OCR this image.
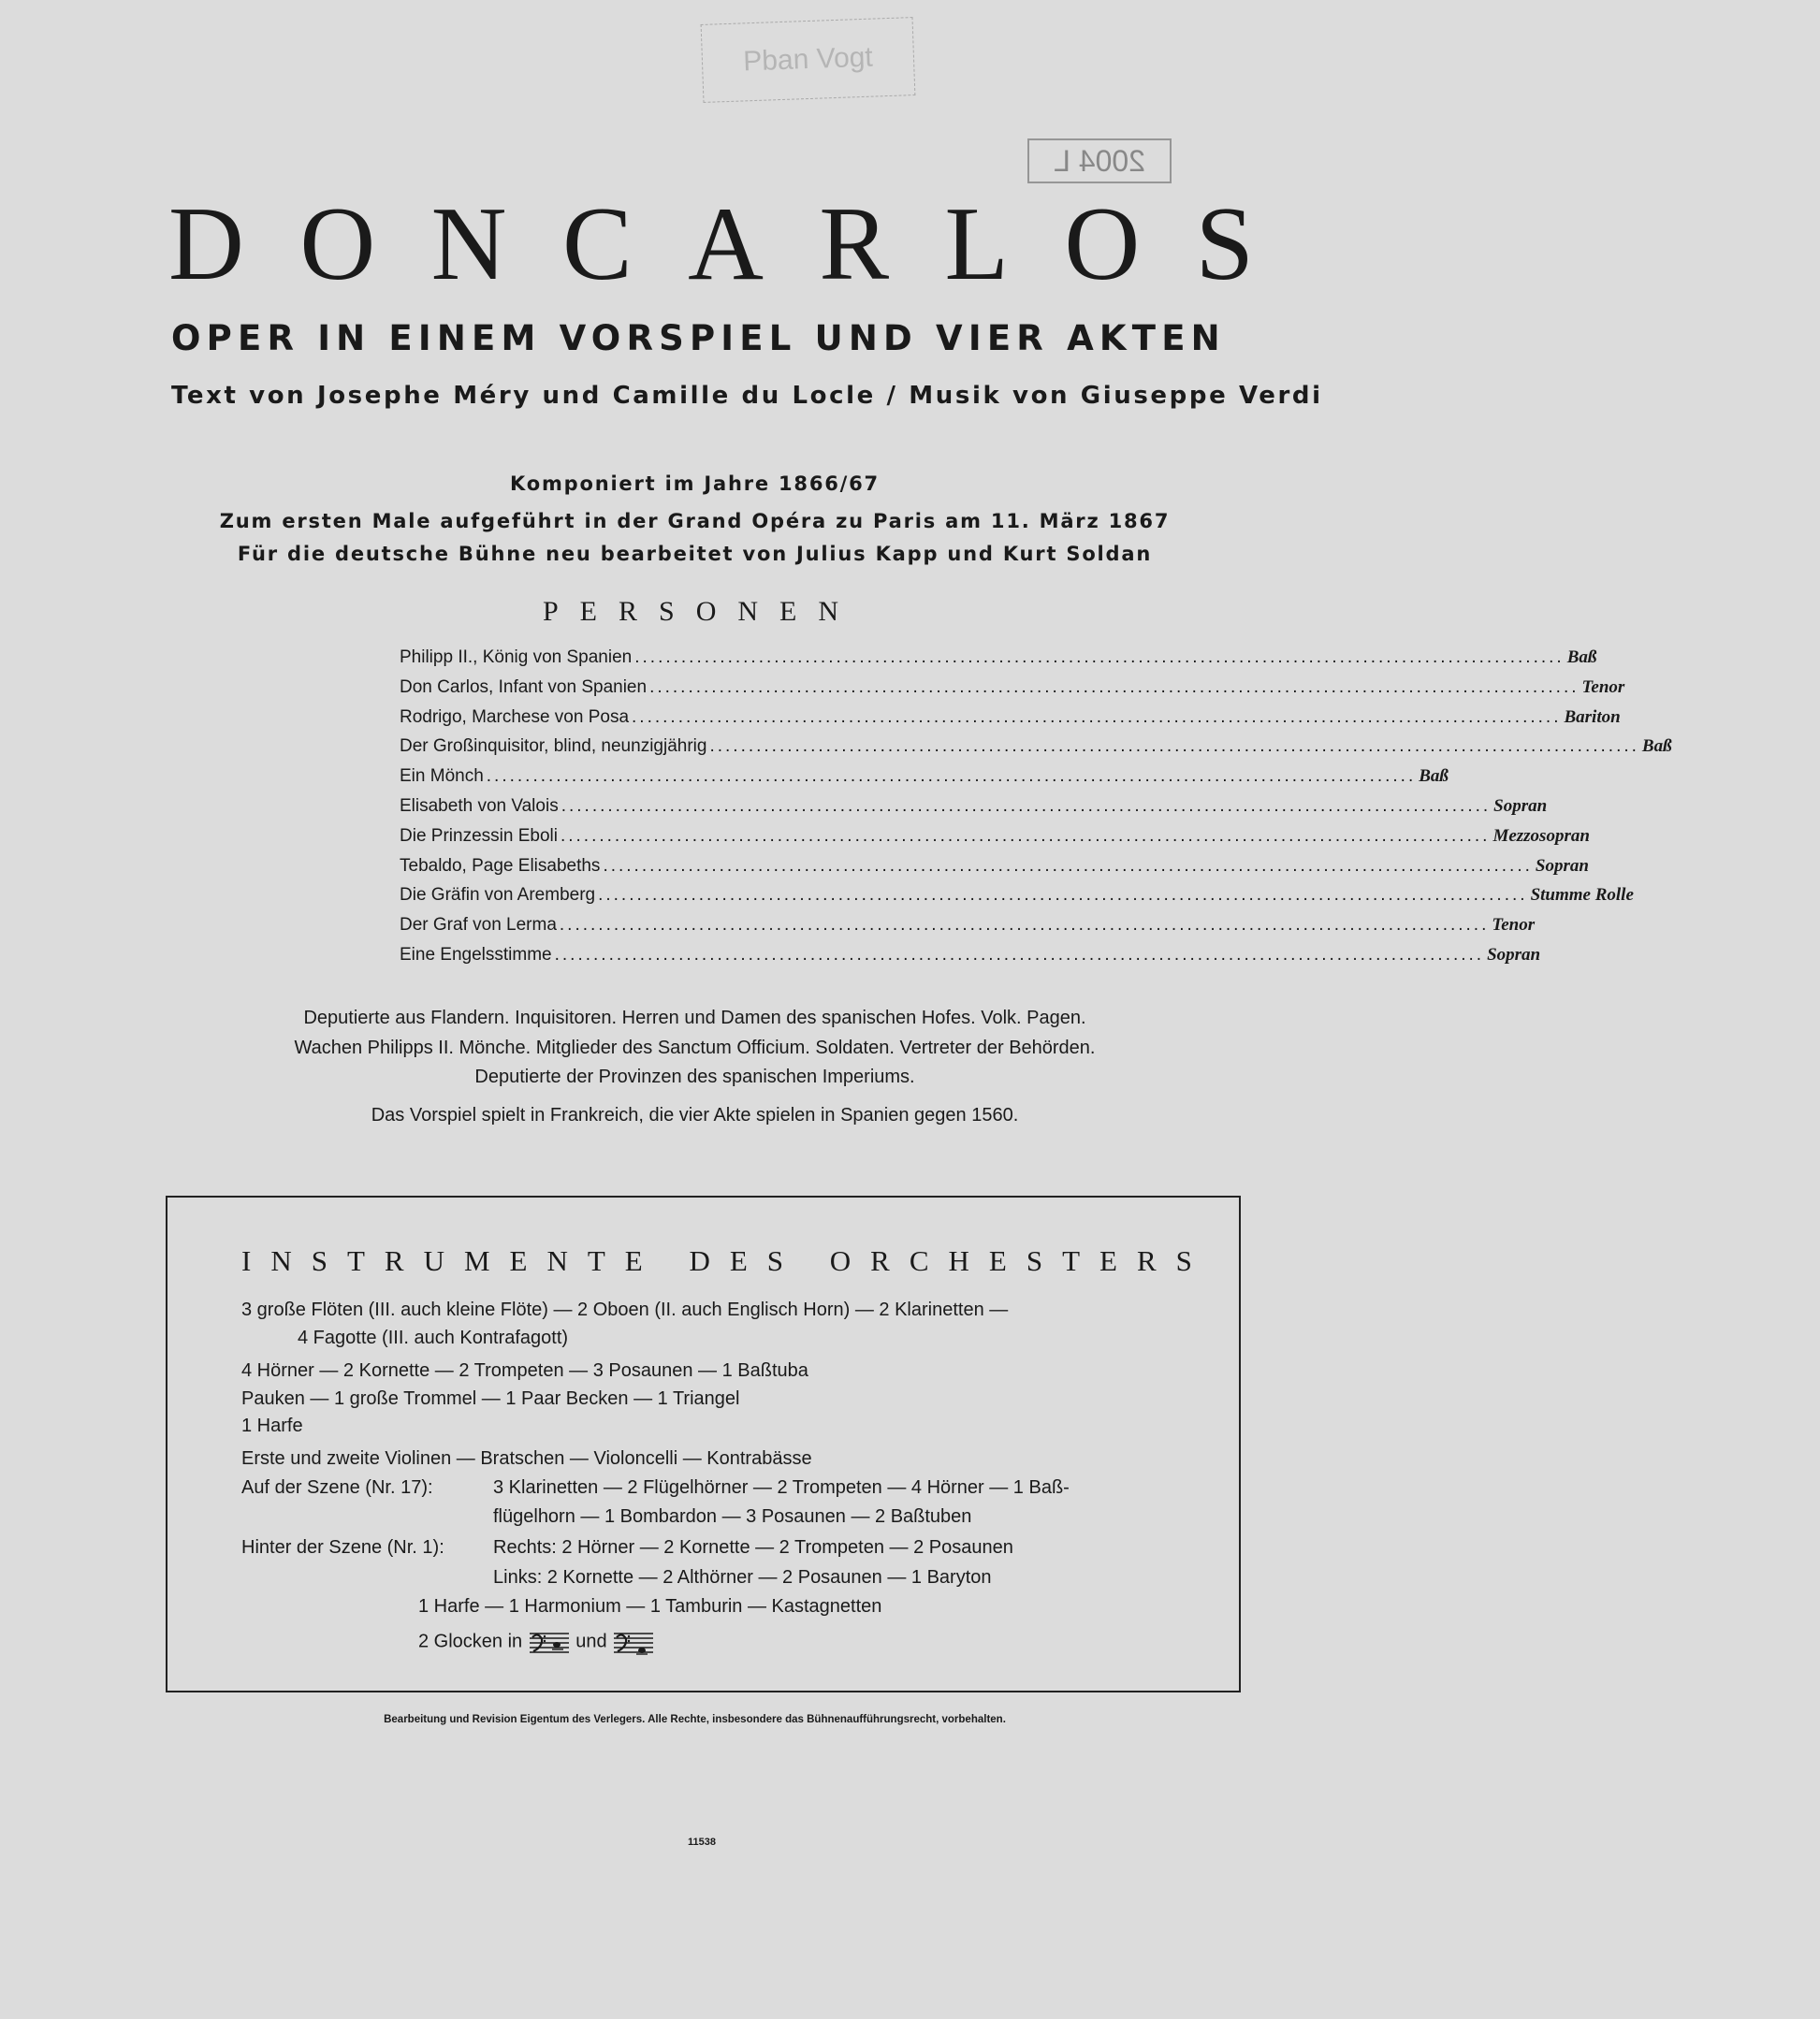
Pban Vogt
2004 L
D O N C A R L O S
OPER IN EINEM VORSPIEL UND VIER AKTEN
Text von Josephe Méry und Camille du Locle / Musik von Giuseppe Verdi
Komponiert im Jahre 1866/67
Zum ersten Male aufgeführt in der Grand Opéra zu Paris am 11. März 1867
Für die deutsche Bühne neu bearbeitet von Julius Kapp und Kurt Soldan
PERSONEN
Philipp II., König von Spanien ........................................................................................................................ Baß
Don Carlos, Infant von Spanien ........................................................................................................................ Tenor
Rodrigo, Marchese von Posa ........................................................................................................................ Bariton
Der Großinquisitor, blind, neunzigjährig ........................................................................................................................ Baß
Ein Mönch ........................................................................................................................ Baß
Elisabeth von Valois ........................................................................................................................ Sopran
Die Prinzessin Eboli ........................................................................................................................ Mezzosopran
Tebaldo, Page Elisabeths ........................................................................................................................ Sopran
Die Gräfin von Aremberg ........................................................................................................................ Stumme Rolle
Der Graf von Lerma ........................................................................................................................ Tenor
Eine Engelsstimme ........................................................................................................................ Sopran
Deputierte aus Flandern. Inquisitoren. Herren und Damen des spanischen Hofes. Volk. Pagen.
Wachen Philipps II. Mönche. Mitglieder des Sanctum Officium. Soldaten. Vertreter der Behörden.
Deputierte der Provinzen des spanischen Imperiums.
Das Vorspiel spielt in Frankreich, die vier Akte spielen in Spanien gegen 1560.
INSTRUMENTE DES ORCHESTERS
3 große Flöten (III. auch kleine Flöte) — 2 Oboen (II. auch Englisch Horn) — 2 Klarinetten —
4 Fagotte (III. auch Kontrafagott)
4 Hörner — 2 Kornette — 2 Trompeten — 3 Posaunen — 1 Baßtuba
Pauken — 1 große Trommel — 1 Paar Becken — 1 Triangel
1 Harfe
Erste und zweite Violinen — Bratschen — Violoncelli — Kontrabässe
Auf der Szene (Nr. 17):	3 Klarinetten — 2 Flügelhörner — 2 Trompeten — 4 Hörner — 1 Baß-
flügelhorn — 1 Bombardon — 3 Posaunen — 2 Baßtuben
Hinter der Szene (Nr. 1):	Rechts: 2 Hörner — 2 Kornette — 2 Trompeten — 2 Posaunen
Links: 2 Kornette — 2 Althörner — 2 Posaunen — 1 Baryton
1 Harfe — 1 Harmonium — 1 Tamburin — Kastagnetten
2 Glocken in	und
Bearbeitung und Revision Eigentum des Verlegers. Alle Rechte, insbesondere das Bühnenaufführungsrecht, vorbehalten.
11538
